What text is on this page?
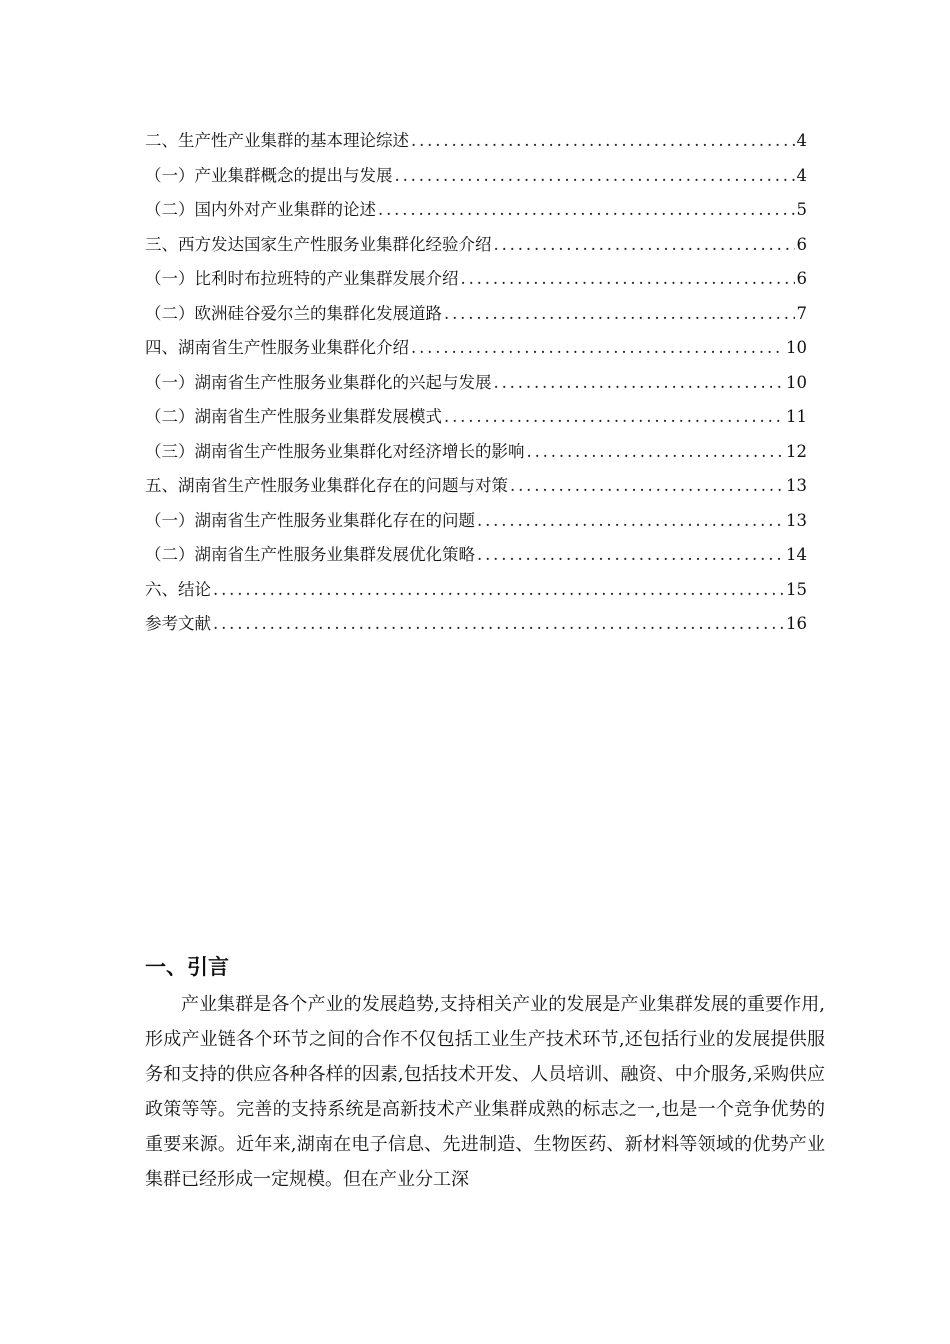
二、生产性产业集群的基本理论综述 . . .	4
（一）产业集群概念的提出与发展 . . .	4
（二）国内外对产业集群的论述 . . .	5
三、西方发达国家生产性服务业集群化经验介绍 . . .	6
（一）比利时布拉班特的产业集群发展介绍 . . .	6
（二）欧洲硅谷爱尔兰的集群化发展道路 . . .	7
四、湖南省生产性服务业集群化介绍 . . .	10
（一）湖南省生产性服务业集群化的兴起与发展 . . .	10
（二）湖南省生产性服务业集群发展模式 . . .	11
（三）湖南省生产性服务业集群化对经济增长的影响 . . .	12
五、湖南省生产性服务业集群化存在的问题与对策 . . .	13
（一）湖南省生产性服务业集群化存在的问题 . . .	13
（二）湖南省生产性服务业集群发展优化策略 . . .	14
六、结论 . . .	15
参考文献 . . .	16
一、引言

产业集群是各个产业的发展趋势,支持相关产业的发展是产业集群发展的重要作用,形成产业链各个环节之间的合作不仅包括工业生产技术环节,还包括行业的发展提供服务和支持的供应各种各样的因素,包括技术开发、人员培训、融资、中介服务,采购供应政策等等。完善的支持系统是高新技术产业集群成熟的标志之一,也是一个竞争优势的重要来源。近年来,湖南在电子信息、先进制造、生物医药、新材料等领域的优势产业集群已经形成一定规模。但在产业分工深
